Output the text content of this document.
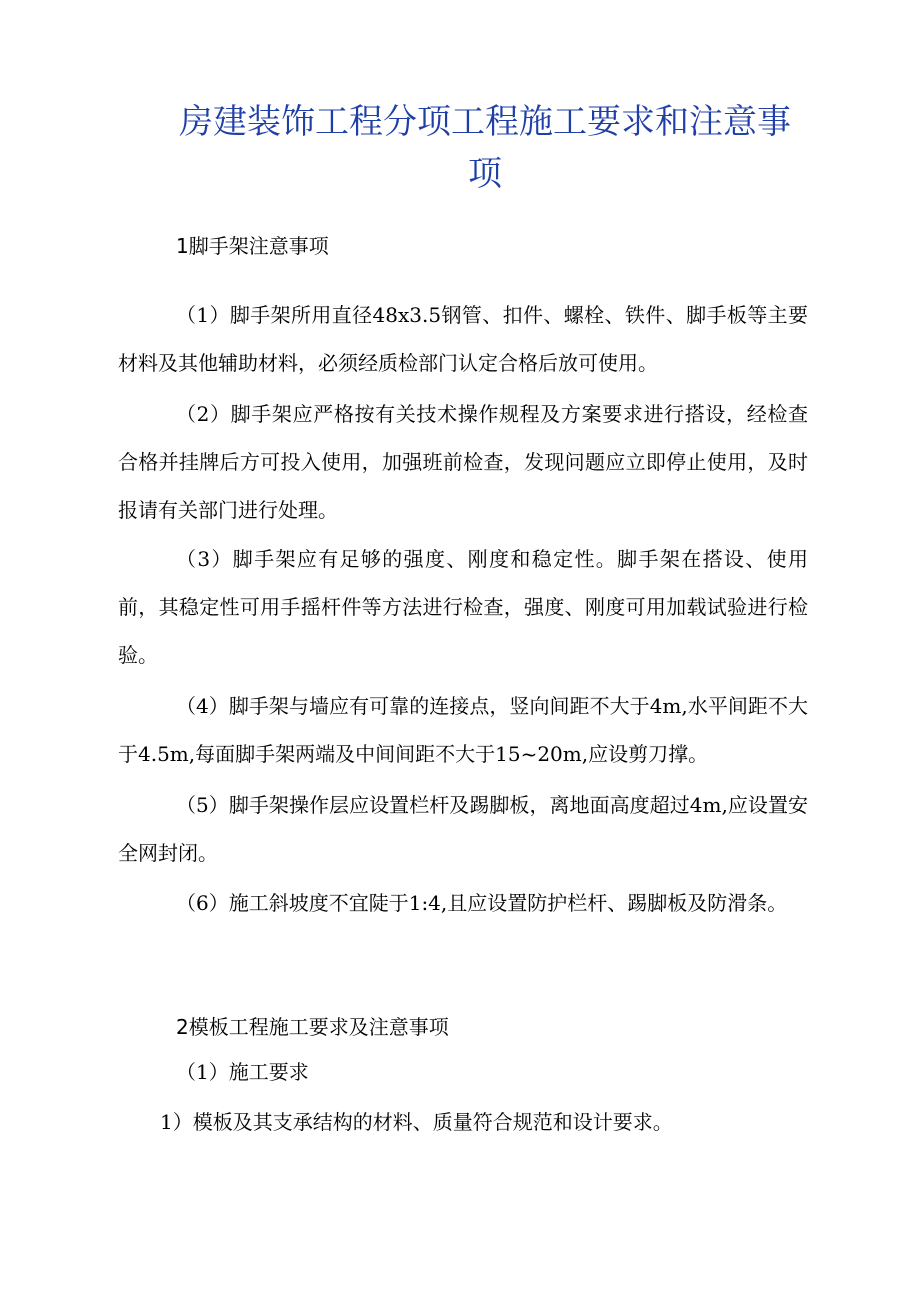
房建装饰工程分项工程施工要求和注意事
项
1脚手架注意事项

（1）脚手架所用直径48x3.5钢管、扣件、螺栓、铁件、脚手板等主要材料及其他辅助材料，必须经质检部门认定合格后放可使用。

（2）脚手架应严格按有关技术操作规程及方案要求进行搭设，经检查合格并挂牌后方可投入使用，加强班前检查，发现问题应立即停止使用，及时报请有关部门进行处理。

（3）脚手架应有足够的强度、刚度和稳定性。脚手架在搭设、使用前，其稳定性可用手摇杆件等方法进行检查，强度、刚度可用加载试验进行检验。

（4）脚手架与墙应有可靠的连接点，竖向间距不大于4m,水平间距不大于4.5m,每面脚手架两端及中间间距不大于15~20m,应设剪刀撑。

（5）脚手架操作层应设置栏杆及踢脚板，离地面高度超过4m,应设置安全网封闭。

（6）施工斜坡度不宜陡于1:4,且应设置防护栏杆、踢脚板及防滑条。

2模板工程施工要求及注意事项

（1）施工要求

1）模板及其支承结构的材料、质量符合规范和设计要求。
